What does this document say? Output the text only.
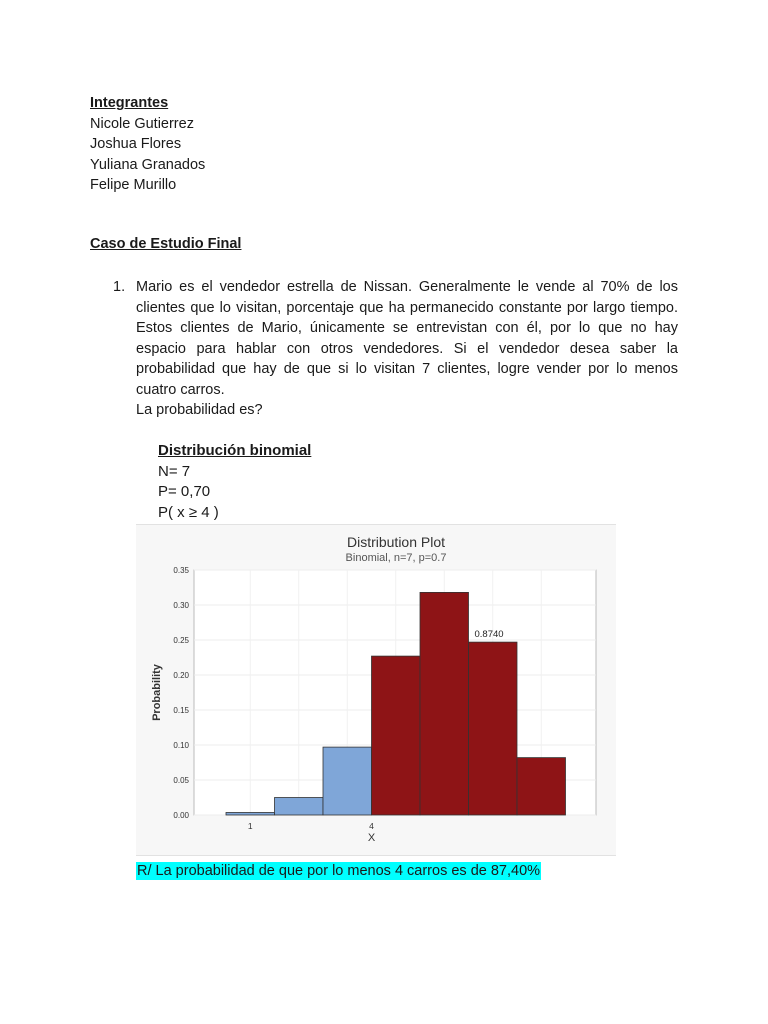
Integrantes
Nicole Gutierrez
Joshua Flores
Yuliana Granados
Felipe Murillo
Caso de Estudio Final
1. Mario es el vendedor estrella de Nissan. Generalmente le vende al 70% de los clientes que lo visitan, porcentaje que ha permanecido constante por largo tiempo. Estos clientes de Mario, únicamente se entrevistan con él, por lo que no hay espacio para hablar con otros vendedores. Si el vendedor desea saber la probabilidad que hay de que si lo visitan 7 clientes, logre vender por lo menos cuatro carros.
La probabilidad es?
Distribución binomial
N= 7
P= 0,70
P( x ≥ 4 )
Distribution Plot
Binomial, n=7, p=0.7
0.00
0.05
0.10
0.15
0.20
0.25
0.30
0.35
1	4
0.8740
X
Probability
R/ La probabilidad de que por lo menos 4 carros es de 87,40%
